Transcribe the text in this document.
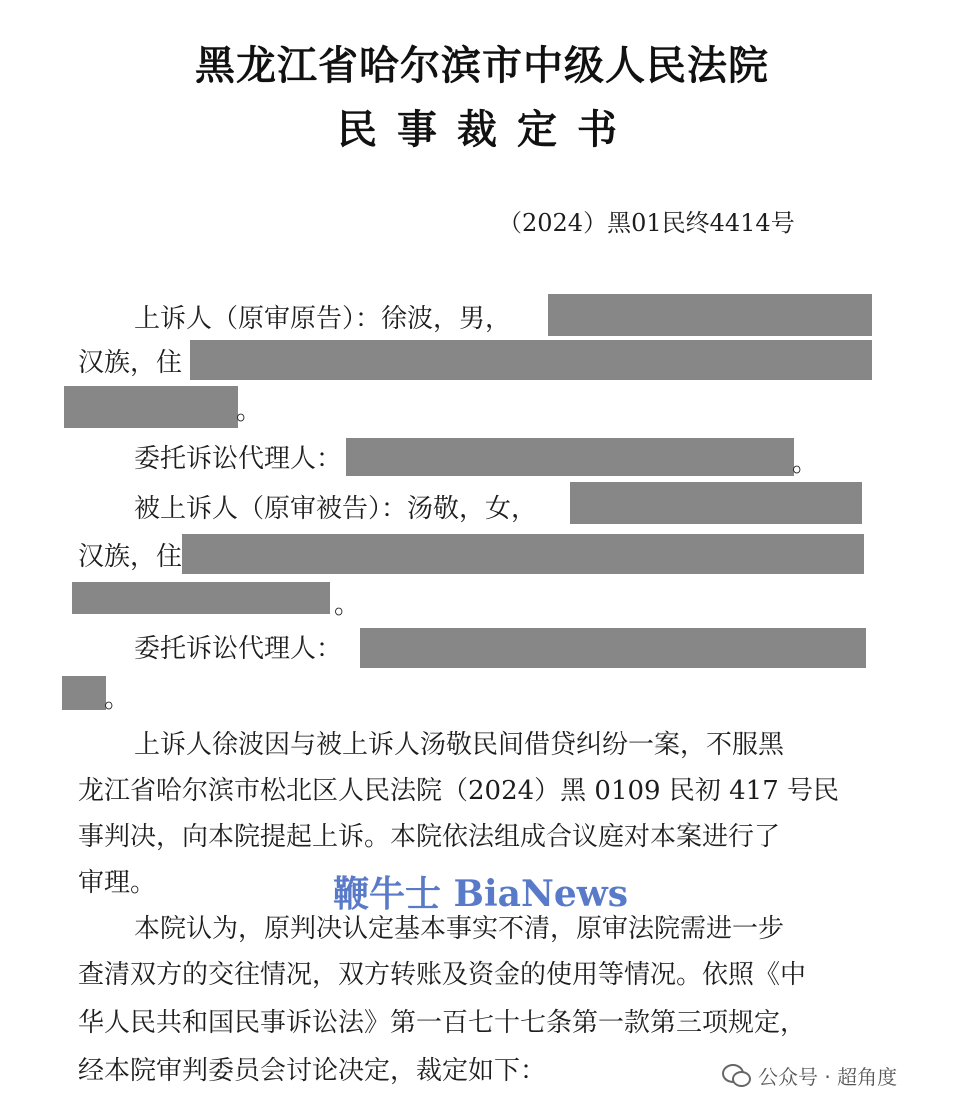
黑龙江省哈尔滨市中级人民法院
民事裁定书
（2024）黑01民终4414号
上诉人（原审原告）：徐波，男，
汉族，住
。
委托诉讼代理人：	。
被上诉人（原审被告）：汤敬，女，
汉族，住
。
委托诉讼代理人：
。
上诉人徐波因与被上诉人汤敬民间借贷纠纷一案，不服黑
龙江省哈尔滨市松北区人民法院（2024）黑 0109 民初 417 号民
事判决，向本院提起上诉。本院依法组成合议庭对本案进行了
审理。
本院认为，原判决认定基本事实不清，原审法院需进一步
查清双方的交往情况，双方转账及资金的使用等情况。依照《中
华人民共和国民事诉讼法》第一百七十七条第一款第三项规定，
经本院审判委员会讨论决定，裁定如下：
鞭牛士 BiaNews
公众号 · 超角度
